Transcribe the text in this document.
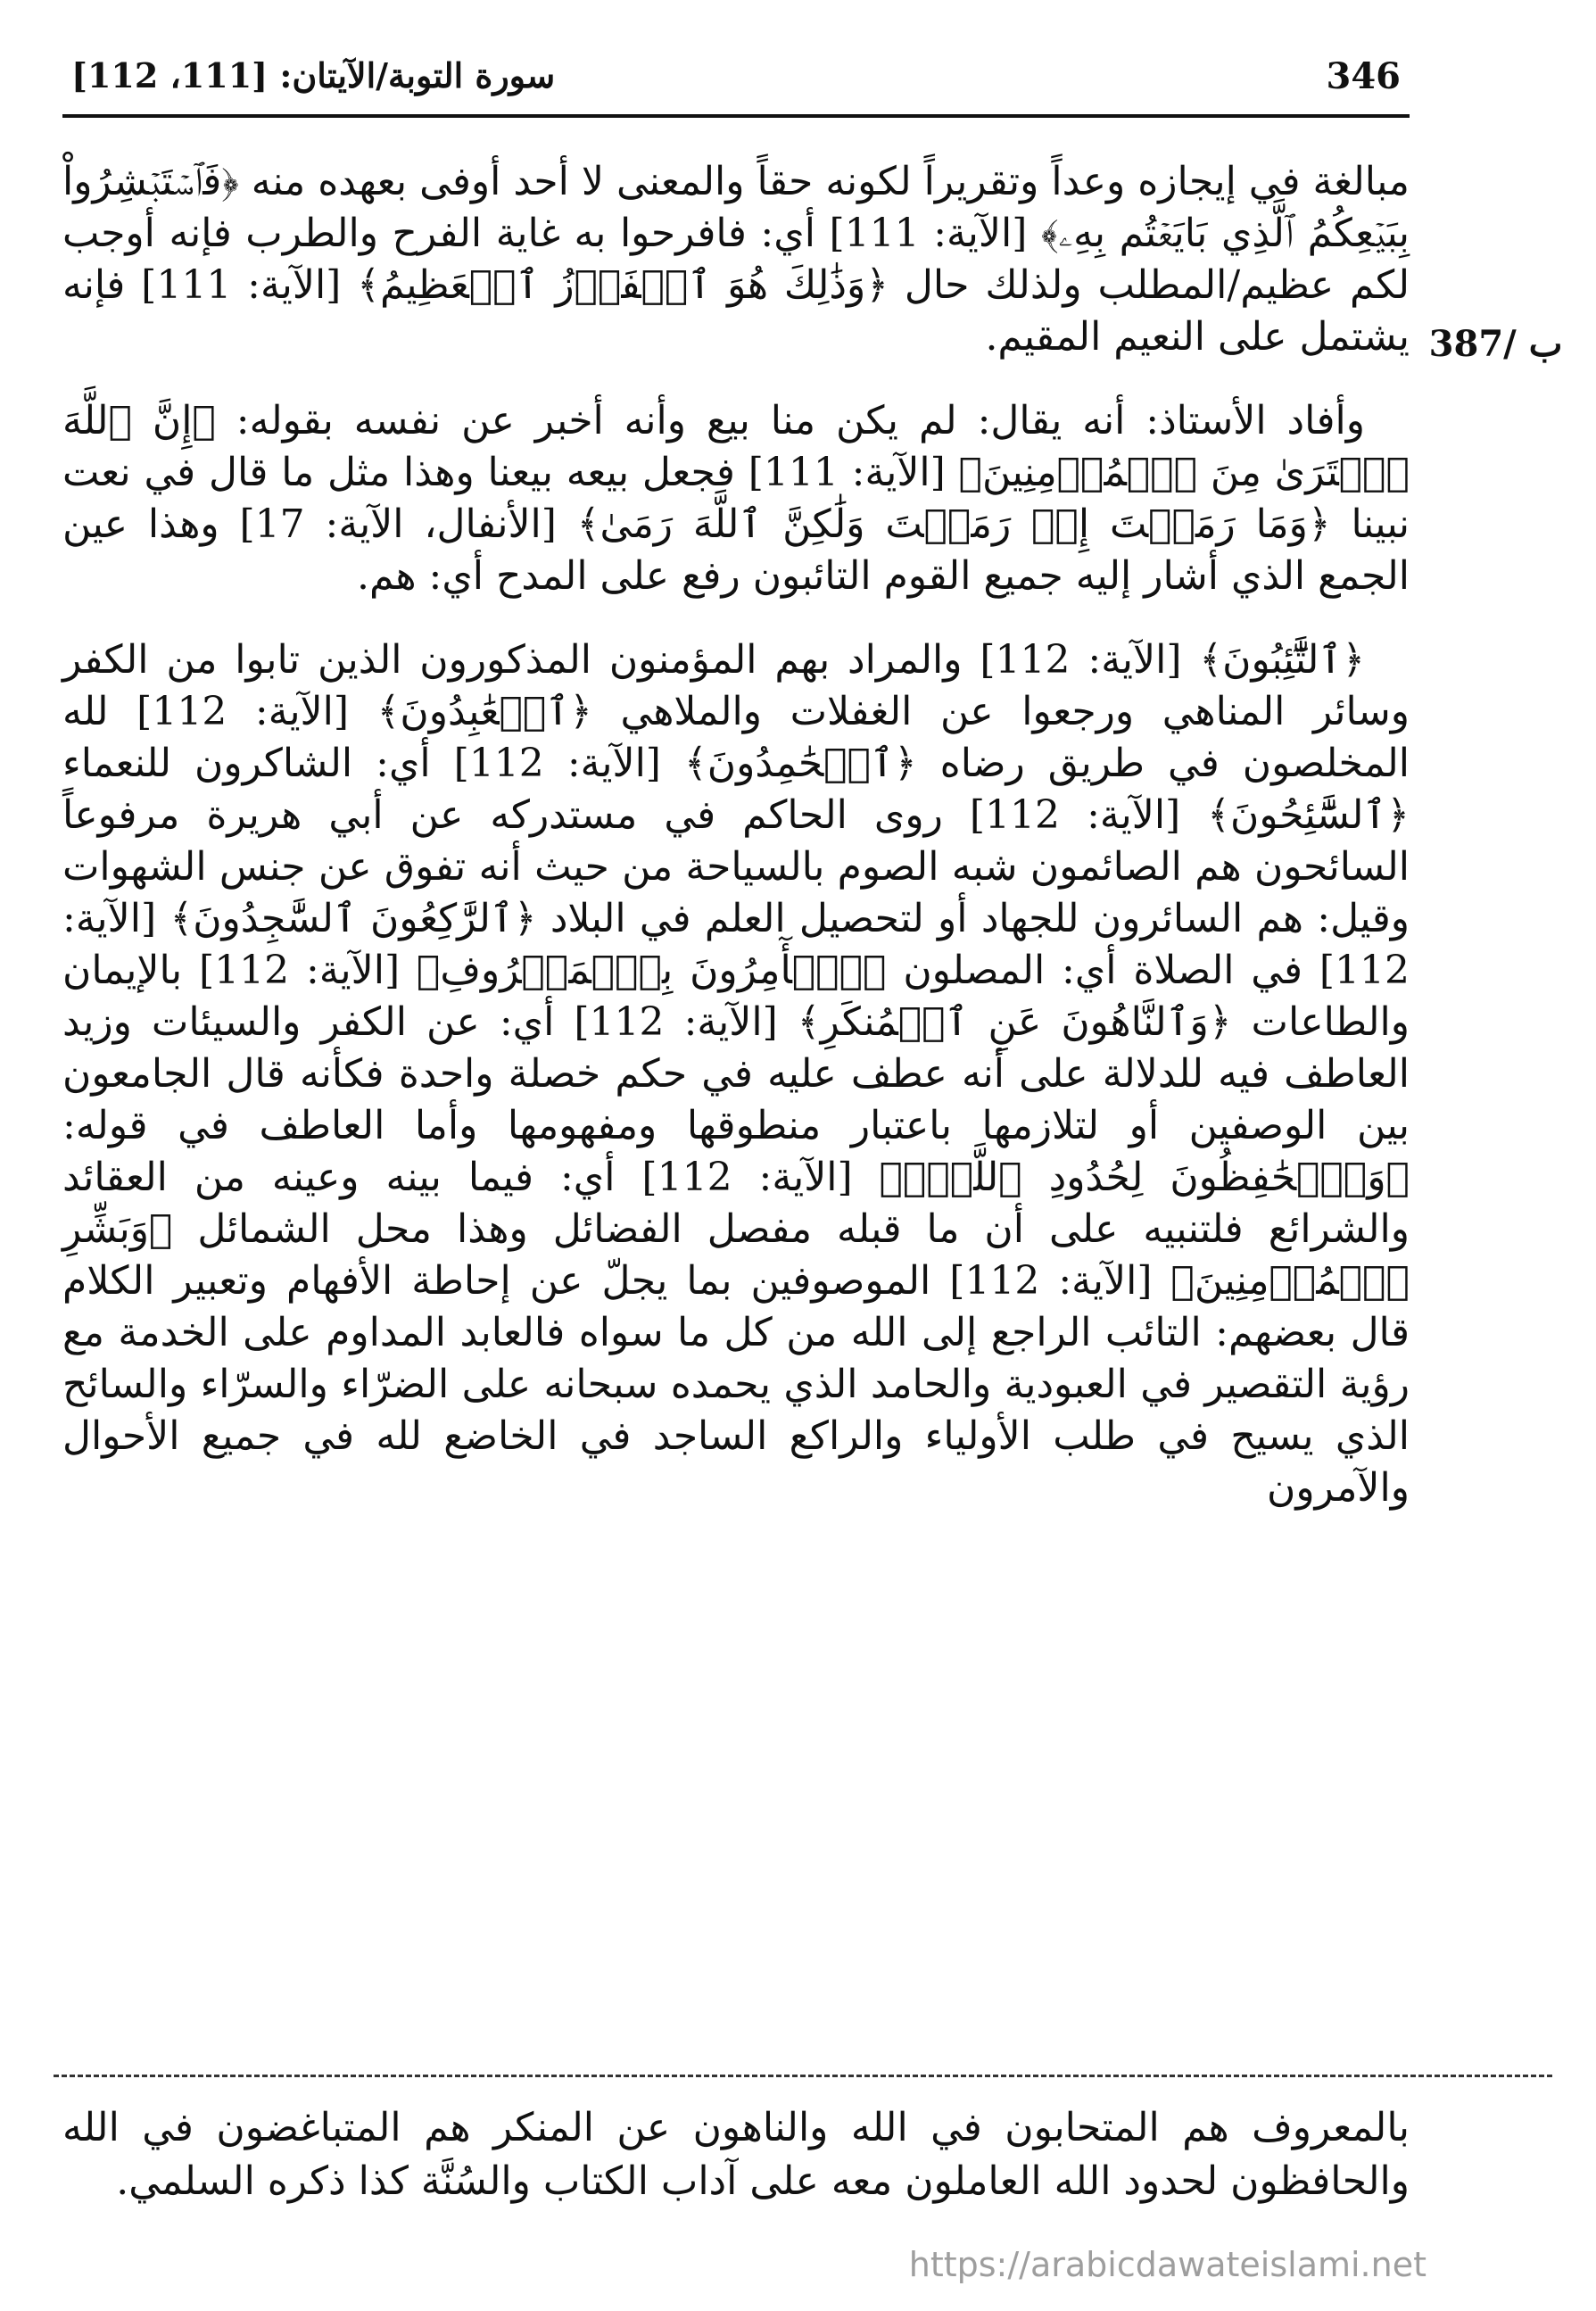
346
سورة التوبة/الآيتان: [111، 112]
387/ ب

مبالغة في إيجازه وعداً وتقريراً لكونه حقاً والمعنى لا أحد أوفى بعهده منه ﴿فَٱسۡتَبۡشِرُواْ بِبَيۡعِكُمُ ٱلَّذِي بَايَعۡتُم بِهِۦ﴾ [الآية: 111] أي: فافرحوا به غاية الفرح والطرب فإنه أوجب لكم عظيم/المطلب ولذلك حال ﴿وَذَٰلِكَ هُوَ ٱلۡفَوۡزُ ٱلۡعَظِيمُ﴾ [الآية: 111] فإنه يشتمل على النعيم المقيم.

وأفاد الأستاذ: أنه يقال: لم يكن منا بيع وأنه أخبر عن نفسه بقوله: ﴿إِنَّ ٱللَّهَ ٱشۡتَرَىٰ مِنَ ٱلۡمُؤۡمِنِينَ﴾ [الآية: 111] فجعل بيعه بيعنا وهذا مثل ما قال في نعت نبينا ﴿وَمَا رَمَيۡتَ إِذۡ رَمَيۡتَ وَلَٰكِنَّ ٱللَّهَ رَمَىٰ﴾ [الأنفال، الآية: 17] وهذا عين الجمع الذي أشار إليه جميع القوم التائبون رفع على المدح أي: هم.

﴿ٱلتَّٰٓئِبُونَ﴾ [الآية: 112] والمراد بهم المؤمنون المذكورون الذين تابوا من الكفر وسائر المناهي ورجعوا عن الغفلات والملاهي ﴿ٱلۡعَٰبِدُونَ﴾ [الآية: 112] لله المخلصون في طريق رضاه ﴿ٱلۡحَٰمِدُونَ﴾ [الآية: 112] أي: الشاكرون للنعماء ﴿ٱلسَّٰٓئِحُونَ﴾ [الآية: 112] روى الحاكم في مستدركه عن أبي هريرة مرفوعاً السائحون هم الصائمون شبه الصوم بالسياحة من حيث أنه تفوق عن جنس الشهوات وقيل: هم السائرون للجهاد أو لتحصيل العلم في البلاد ﴿ٱلرَّٰكِعُونَ ٱلسَّٰجِدُونَ﴾ [الآية: 112] في الصلاة أي: المصلون ﴿ٱلۡأٓمِرُونَ بِٱلۡمَعۡرُوفِ﴾ [الآية: 112] بالإيمان والطاعات ﴿وَٱلنَّاهُونَ عَنِ ٱلۡمُنكَرِ﴾ [الآية: 112] أي: عن الكفر والسيئات وزيد العاطف فيه للدلالة على أنه عطف عليه في حكم خصلة واحدة فكأنه قال الجامعون بين الوصفين أو لتلازمها باعتبار منطوقها ومفهومها وأما العاطف في قوله: ﴿وَٱلۡحَٰفِظُونَ لِحُدُودِ ٱللَّهِۗ﴾ [الآية: 112] أي: فيما بينه وعينه من العقائد والشرائع فلتنبيه على أن ما قبله مفصل الفضائل وهذا محل الشمائل ﴿وَبَشِّرِ ٱلۡمُؤۡمِنِينَ﴾ [الآية: 112] الموصوفين بما يجلّ عن إحاطة الأفهام وتعبير الكلام قال بعضهم: التائب الراجع إلى الله من كل ما سواه فالعابد المداوم على الخدمة مع رؤية التقصير في العبودية والحامد الذي يحمده سبحانه على الضرّاء والسرّاء والسائح الذي يسيح في طلب الأولياء والراكع الساجد في الخاضع لله في جميع الأحوال والآمرون

بالمعروف هم المتحابون في الله والناهون عن المنكر هم المتباغضون في الله والحافظون لحدود الله العاملون معه على آداب الكتاب والسُنَّة كذا ذكره السلمي.

https://arabicdawateislami.net
